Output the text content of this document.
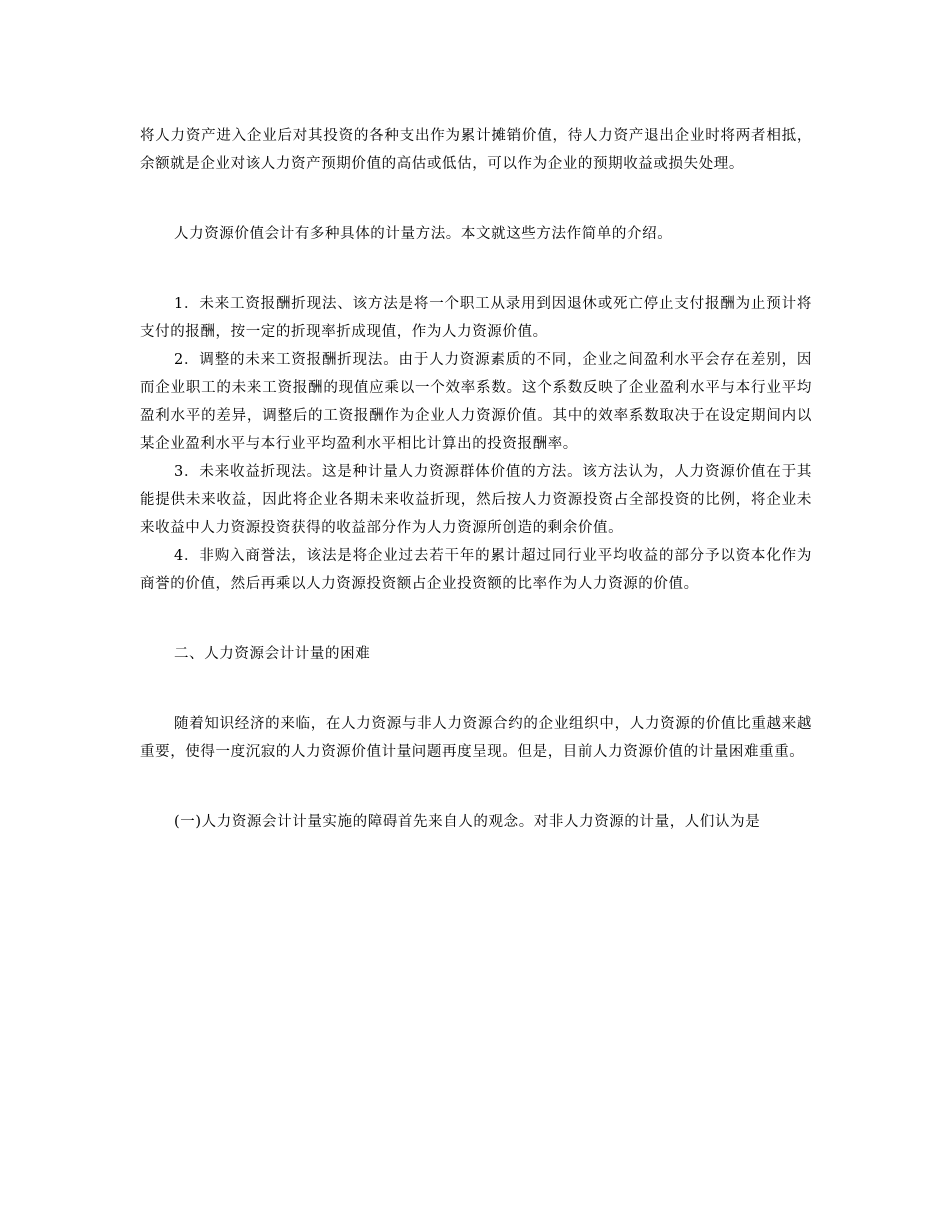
将人力资产进入企业后对其投资的各种支出作为累计摊销价值，待人力资产退出企业时将两者相抵，余额就是企业对该人力资产预期价值的高估或低估，可以作为企业的预期收益或损失处理。

人力资源价值会计有多种具体的计量方法。本文就这些方法作简单的介绍。

1．未来工资报酬折现法、该方法是将一个职工从录用到因退休或死亡停止支付报酬为止预计将支付的报酬，按一定的折现率折成现值，作为人力资源价值。

2．调整的未来工资报酬折现法。由于人力资源素质的不同，企业之间盈利水平会存在差别，因而企业职工的未来工资报酬的现值应乘以一个效率系数。这个系数反映了企业盈利水平与本行业平均盈利水平的差异，调整后的工资报酬作为企业人力资源价值。其中的效率系数取决于在设定期间内以某企业盈利水平与本行业平均盈利水平相比计算出的投资报酬率。

3．未来收益折现法。这是种计量人力资源群体价值的方法。该方法认为，人力资源价值在于其能提供未来收益，因此将企业各期未来收益折现，然后按人力资源投资占全部投资的比例，将企业未来收益中人力资源投资获得的收益部分作为人力资源所创造的剩余价值。

4．非购入商誉法，该法是将企业过去若干年的累计超过同行业平均收益的部分予以资本化作为商誉的价值，然后再乘以人力资源投资额占企业投资额的比率作为人力资源的价值。

二、人力资源会计计量的困难

随着知识经济的来临，在人力资源与非人力资源合约的企业组织中，人力资源的价值比重越来越重要，使得一度沉寂的人力资源价值计量问题再度呈现。但是，目前人力资源价值的计量困难重重。

(一)人力资源会计计量实施的障碍首先来自人的观念。对非人力资源的计量，人们认为是
